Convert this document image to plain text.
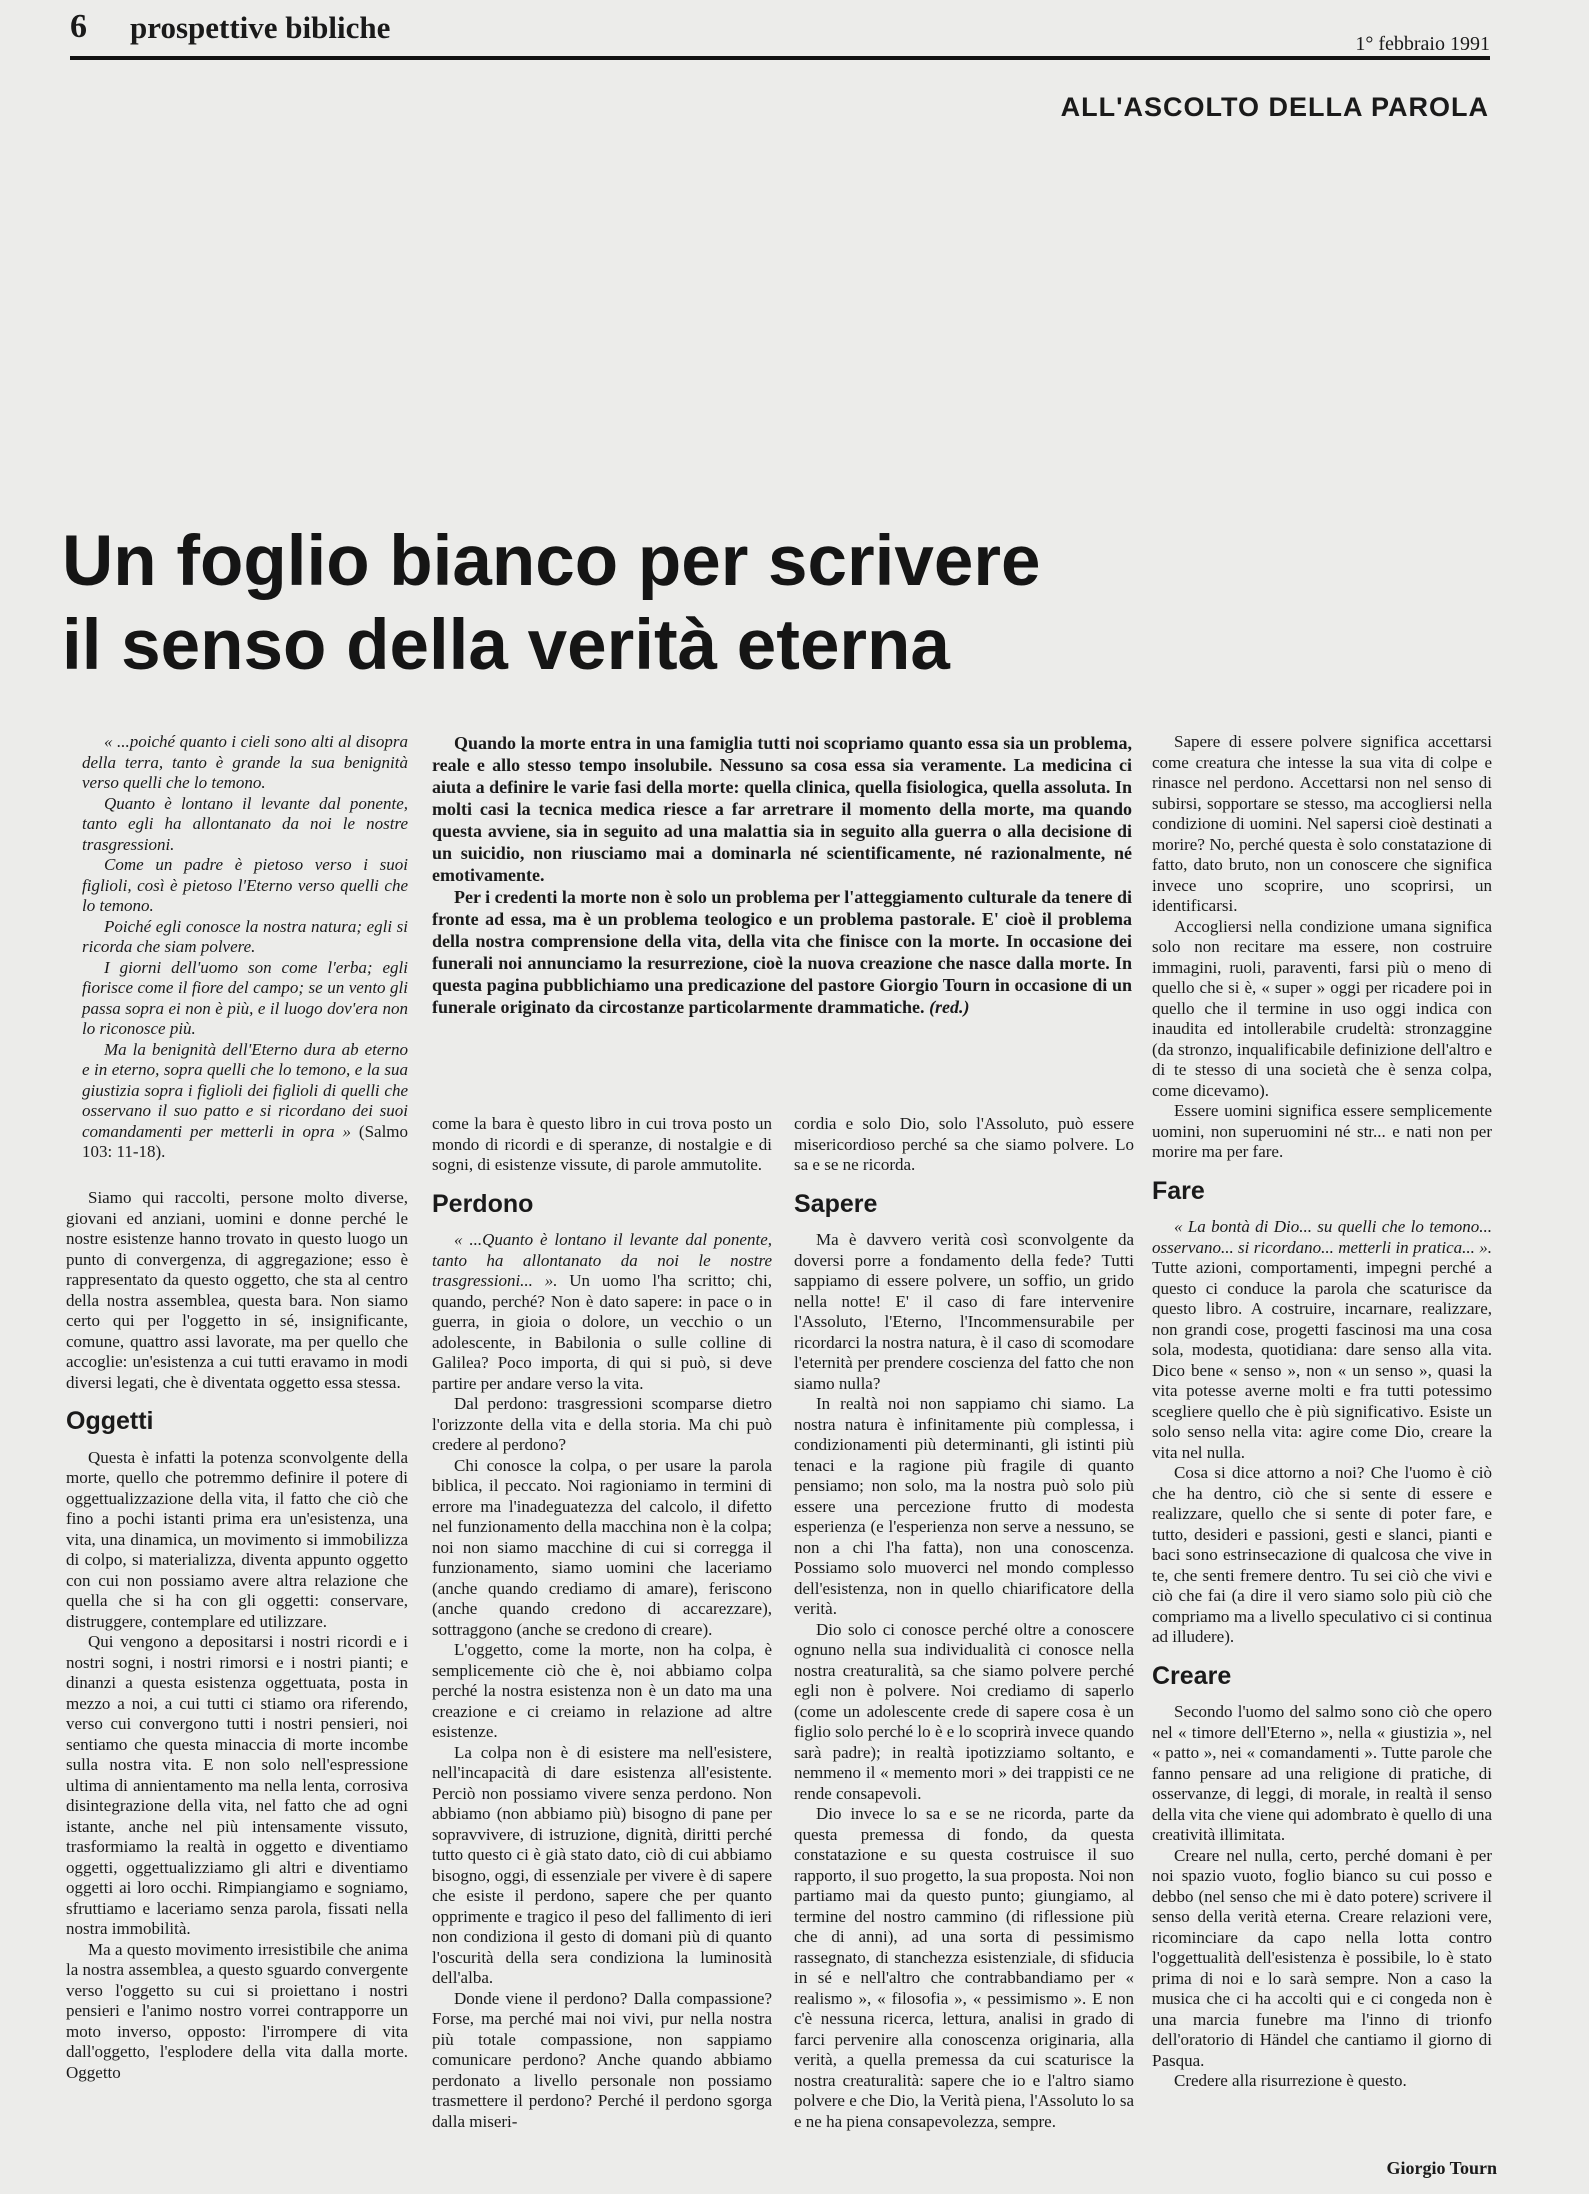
6 prospettive bibliche	1° febbraio 1991
ALL'ASCOLTO DELLA PAROLA
Un foglio bianco per scrivere
il senso della verità eterna

« ...poiché quanto i cieli sono alti al disopra della terra, tanto è grande la sua benignità verso quelli che lo temono.

Quanto è lontano il levante dal ponente, tanto egli ha allontanato da noi le nostre trasgressioni.

Come un padre è pietoso verso i suoi figlioli, così è pietoso l'Eterno verso quelli che lo temono.

Poiché egli conosce la nostra natura; egli si ricorda che siam polvere.

I giorni dell'uomo son come l'erba; egli fiorisce come il fiore del campo; se un vento gli passa sopra ei non è più, e il luogo dov'era non lo riconosce più.

Ma la benignità dell'Eterno dura ab eterno e in eterno, sopra quelli che lo temono, e la sua giustizia sopra i figlioli dei figlioli di quelli che osservano il suo patto e si ricordano dei suoi comandamenti per metterli in opra » (Salmo 103: 11-18).

Siamo qui raccolti, persone molto diverse, giovani ed anziani, uomini e donne perché le nostre esistenze hanno trovato in questo luogo un punto di convergenza, di aggregazione; esso è rappresentato da questo oggetto, che sta al centro della nostra assemblea, questa bara. Non siamo certo qui per l'oggetto in sé, insignificante, comune, quattro assi lavorate, ma per quello che accoglie: un'esistenza a cui tutti eravamo in modi diversi legati, che è diventata oggetto essa stessa.

Oggetti

Questa è infatti la potenza sconvolgente della morte, quello che potremmo definire il potere di oggettualizzazione della vita, il fatto che ciò che fino a pochi istanti prima era un'esistenza, una vita, una dinamica, un movimento si immobilizza di colpo, si materializza, diventa appunto oggetto con cui non possiamo avere altra relazione che quella che si ha con gli oggetti: conservare, distruggere, contemplare ed utilizzare.

Qui vengono a depositarsi i nostri ricordi e i nostri sogni, i nostri rimorsi e i nostri pianti; e dinanzi a questa esistenza oggettuata, posta in mezzo a noi, a cui tutti ci stiamo ora riferendo, verso cui convergono tutti i nostri pensieri, noi sentiamo che questa minaccia di morte incombe sulla nostra vita. E non solo nell'espressione ultima di annientamento ma nella lenta, corrosiva disintegrazione della vita, nel fatto che ad ogni istante, anche nel più intensamente vissuto, trasformiamo la realtà in oggetto e diventiamo oggetti, oggettualizziamo gli altri e diventiamo oggetti ai loro occhi. Rimpiangiamo e sogniamo, sfruttiamo e laceriamo senza parola, fissati nella nostra immobilità.

Ma a questo movimento irresistibile che anima la nostra assemblea, a questo sguardo convergente verso l'oggetto su cui si proiettano i nostri pensieri e l'animo nostro vorrei contrapporre un moto inverso, opposto: l'irrompere di vita dall'oggetto, l'esplodere della vita dalla morte. Oggetto

Quando la morte entra in una famiglia tutti noi scopriamo quanto essa sia un problema, reale e allo stesso tempo insolubile. Nessuno sa cosa essa sia veramente. La medicina ci aiuta a definire le varie fasi della morte: quella clinica, quella fisiologica, quella assoluta. In molti casi la tecnica medica riesce a far arretrare il momento della morte, ma quando questa avviene, sia in seguito ad una malattia sia in seguito alla guerra o alla decisione di un suicidio, non riusciamo mai a dominarla né scientificamente, né razionalmente, né emotivamente.

Per i credenti la morte non è solo un problema per l'atteggiamento culturale da tenere di fronte ad essa, ma è un problema teologico e un problema pastorale. E' cioè il problema della nostra comprensione della vita, della vita che finisce con la morte. In occasione dei funerali noi annunciamo la resurrezione, cioè la nuova creazione che nasce dalla morte. In questa pagina pubblichiamo una predicazione del pastore Giorgio Tourn in occasione di un funerale originato da circostanze particolarmente drammatiche. (red.)

come la bara è questo libro in cui trova posto un mondo di ricordi e di speranze, di nostalgie e di sogni, di esistenze vissute, di parole ammutolite.

Perdono

« ...Quanto è lontano il levante dal ponente, tanto ha allontanato da noi le nostre trasgressioni... ». Un uomo l'ha scritto; chi, quando, perché? Non è dato sapere: in pace o in guerra, in gioia o dolore, un vecchio o un adolescente, in Babilonia o sulle colline di Galilea? Poco importa, di qui si può, si deve partire per andare verso la vita.

Dal perdono: trasgressioni scomparse dietro l'orizzonte della vita e della storia. Ma chi può credere al perdono?

Chi conosce la colpa, o per usare la parola biblica, il peccato. Noi ragioniamo in termini di errore ma l'inadeguatezza del calcolo, il difetto nel funzionamento della macchina non è la colpa; noi non siamo macchine di cui si corregga il funzionamento, siamo uomini che laceriamo (anche quando crediamo di amare), feriscono (anche quando credono di accarezzare), sottraggono (anche se credono di creare).

L'oggetto, come la morte, non ha colpa, è semplicemente ciò che è, noi abbiamo colpa perché la nostra esistenza non è un dato ma una creazione e ci creiamo in relazione ad altre esistenze.

La colpa non è di esistere ma nell'esistere, nell'incapacità di dare esistenza all'esistente. Perciò non possiamo vivere senza perdono. Non abbiamo (non abbiamo più) bisogno di pane per sopravvivere, di istruzione, dignità, diritti perché tutto questo ci è già stato dato, ciò di cui abbiamo bisogno, oggi, di essenziale per vivere è di sapere che esiste il perdono, sapere che per quanto opprimente e tragico il peso del fallimento di ieri non condiziona il gesto di domani più di quanto l'oscurità della sera condiziona la luminosità dell'alba.

Donde viene il perdono? Dalla compassione? Forse, ma perché mai noi vivi, pur nella nostra più totale compassione, non sappiamo comunicare perdono? Anche quando abbiamo perdonato a livello personale non possiamo trasmettere il perdono? Perché il perdono sgorga dalla miseri-

cordia e solo Dio, solo l'Assoluto, può essere misericordioso perché sa che siamo polvere. Lo sa e se ne ricorda.

Sapere

Ma è davvero verità così sconvolgente da doversi porre a fondamento della fede? Tutti sappiamo di essere polvere, un soffio, un grido nella notte! E' il caso di fare intervenire l'Assoluto, l'Eterno, l'Incommensurabile per ricordarci la nostra natura, è il caso di scomodare l'eternità per prendere coscienza del fatto che non siamo nulla?

In realtà noi non sappiamo chi siamo. La nostra natura è infinitamente più complessa, i condizionamenti più determinanti, gli istinti più tenaci e la ragione più fragile di quanto pensiamo; non solo, ma la nostra può solo più essere una percezione frutto di modesta esperienza (e l'esperienza non serve a nessuno, se non a chi l'ha fatta), non una conoscenza. Possiamo solo muoverci nel mondo complesso dell'esistenza, non in quello chiarificatore della verità.

Dio solo ci conosce perché oltre a conoscere ognuno nella sua individualità ci conosce nella nostra creaturalità, sa che siamo polvere perché egli non è polvere. Noi crediamo di saperlo (come un adolescente crede di sapere cosa è un figlio solo perché lo è e lo scoprirà invece quando sarà padre); in realtà ipotizziamo soltanto, e nemmeno il « memento mori » dei trappisti ce ne rende consapevoli.

Dio invece lo sa e se ne ricorda, parte da questa premessa di fondo, da questa constatazione e su questa costruisce il suo rapporto, il suo progetto, la sua proposta. Noi non partiamo mai da questo punto; giungiamo, al termine del nostro cammino (di riflessione più che di anni), ad una sorta di pessimismo rassegnato, di stanchezza esistenziale, di sfiducia in sé e nell'altro che contrabbandiamo per « realismo », « filosofia », « pessimismo ». E non c'è nessuna ricerca, lettura, analisi in grado di farci pervenire alla conoscenza originaria, alla verità, a quella premessa da cui scaturisce la nostra creaturalità: sapere che io e l'altro siamo polvere e che Dio, la Verità piena, l'Assoluto lo sa e ne ha piena consapevolezza, sempre.

Sapere di essere polvere significa accettarsi come creatura che intesse la sua vita di colpe e rinasce nel perdono. Accettarsi non nel senso di subirsi, sopportare se stesso, ma accogliersi nella condizione di uomini. Nel sapersi cioè destinati a morire? No, perché questa è solo constatazione di fatto, dato bruto, non un conoscere che significa invece uno scoprire, uno scoprirsi, un identificarsi.

Accogliersi nella condizione umana significa solo non recitare ma essere, non costruire immagini, ruoli, paraventi, farsi più o meno di quello che si è, « super » oggi per ricadere poi in quello che il termine in uso oggi indica con inaudita ed intollerabile crudeltà: stronzaggine (da stronzo, inqualificabile definizione dell'altro e di te stesso di una società che è senza colpa, come dicevamo).

Essere uomini significa essere semplicemente uomini, non superuomini né str... e nati non per morire ma per fare.

Fare

« La bontà di Dio... su quelli che lo temono... osservano... si ricordano... metterli in pratica... ». Tutte azioni, comportamenti, impegni perché a questo ci conduce la parola che scaturisce da questo libro. A costruire, incarnare, realizzare, non grandi cose, progetti fascinosi ma una cosa sola, modesta, quotidiana: dare senso alla vita. Dico bene « senso », non « un senso », quasi la vita potesse averne molti e fra tutti potessimo scegliere quello che è più significativo. Esiste un solo senso nella vita: agire come Dio, creare la vita nel nulla.

Cosa si dice attorno a noi? Che l'uomo è ciò che ha dentro, ciò che si sente di essere e realizzare, quello che si sente di poter fare, e tutto, desideri e passioni, gesti e slanci, pianti e baci sono estrinsecazione di qualcosa che vive in te, che senti fremere dentro. Tu sei ciò che vivi e ciò che fai (a dire il vero siamo solo più ciò che compriamo ma a livello speculativo ci si continua ad illudere).

Creare

Secondo l'uomo del salmo sono ciò che opero nel « timore dell'Eterno », nella « giustizia », nel « patto », nei « comandamenti ». Tutte parole che fanno pensare ad una religione di pratiche, di osservanze, di leggi, di morale, in realtà il senso della vita che viene qui adombrato è quello di una creatività illimitata.

Creare nel nulla, certo, perché domani è per noi spazio vuoto, foglio bianco su cui posso e debbo (nel senso che mi è dato potere) scrivere il senso della verità eterna. Creare relazioni vere, ricominciare da capo nella lotta contro l'oggettualità dell'esistenza è possibile, lo è stato prima di noi e lo sarà sempre. Non a caso la musica che ci ha accolti qui e ci congeda non è una marcia funebre ma l'inno di trionfo dell'oratorio di Händel che cantiamo il giorno di Pasqua.

Credere alla risurrezione è questo.

Giorgio Tourn
